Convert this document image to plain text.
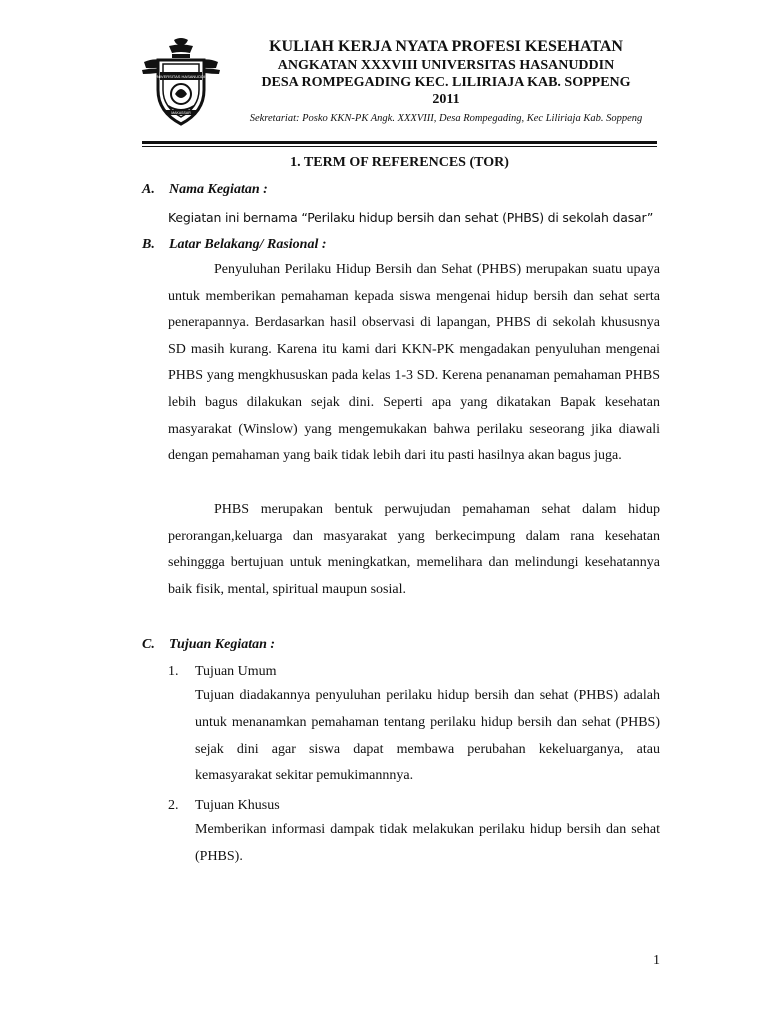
UNIVERSITAS HASANUDDIN
MAKASSAR
KULIAH KERJA NYATA PROFESI KESEHATAN
ANGKATAN XXXVIII UNIVERSITAS HASANUDDIN
DESA ROMPEGADING KEC. LILIRIAJA KAB. SOPPENG
2011
Sekretariat: Posko KKN-PK Angk. XXXVIII, Desa Rompegading, Kec Liliriaja Kab. Soppeng
1. TERM OF REFERENCES (TOR)
A. Nama Kegiatan :
Kegiatan ini bernama “Perilaku hidup bersih dan sehat (PHBS) di sekolah dasar”
B. Latar Belakang/ Rasional :
Penyuluhan Perilaku Hidup Bersih dan Sehat (PHBS) merupakan suatu upaya untuk memberikan pemahaman kepada siswa mengenai hidup bersih dan sehat serta penerapannya. Berdasarkan hasil observasi di lapangan, PHBS di sekolah khususnya SD masih kurang. Karena itu kami dari KKN-PK mengadakan penyuluhan mengenai PHBS yang mengkhususkan pada kelas 1-3 SD. Kerena penanaman pemahaman PHBS lebih bagus dilakukan sejak dini. Seperti apa yang dikatakan Bapak kesehatan masyarakat (Winslow) yang mengemukakan bahwa perilaku seseorang jika diawali dengan pemahaman yang baik tidak lebih dari itu pasti hasilnya akan bagus juga.
PHBS merupakan bentuk perwujudan pemahaman sehat dalam hidup perorangan,keluarga dan masyarakat yang berkecimpung dalam rana kesehatan sehinggga bertujuan untuk meningkatkan, memelihara dan melindungi kesehatannya baik fisik, mental, spiritual maupun sosial.
C. Tujuan Kegiatan :
1. Tujuan Umum
Tujuan diadakannya penyuluhan perilaku hidup bersih dan sehat (PHBS) adalah untuk menanamkan pemahaman tentang perilaku hidup bersih dan sehat (PHBS) sejak dini agar siswa dapat membawa perubahan kekeluarganya, atau kemasyarakat sekitar pemukimannnya.
2. Tujuan Khusus
Memberikan informasi dampak tidak melakukan perilaku hidup bersih dan sehat (PHBS).
1
